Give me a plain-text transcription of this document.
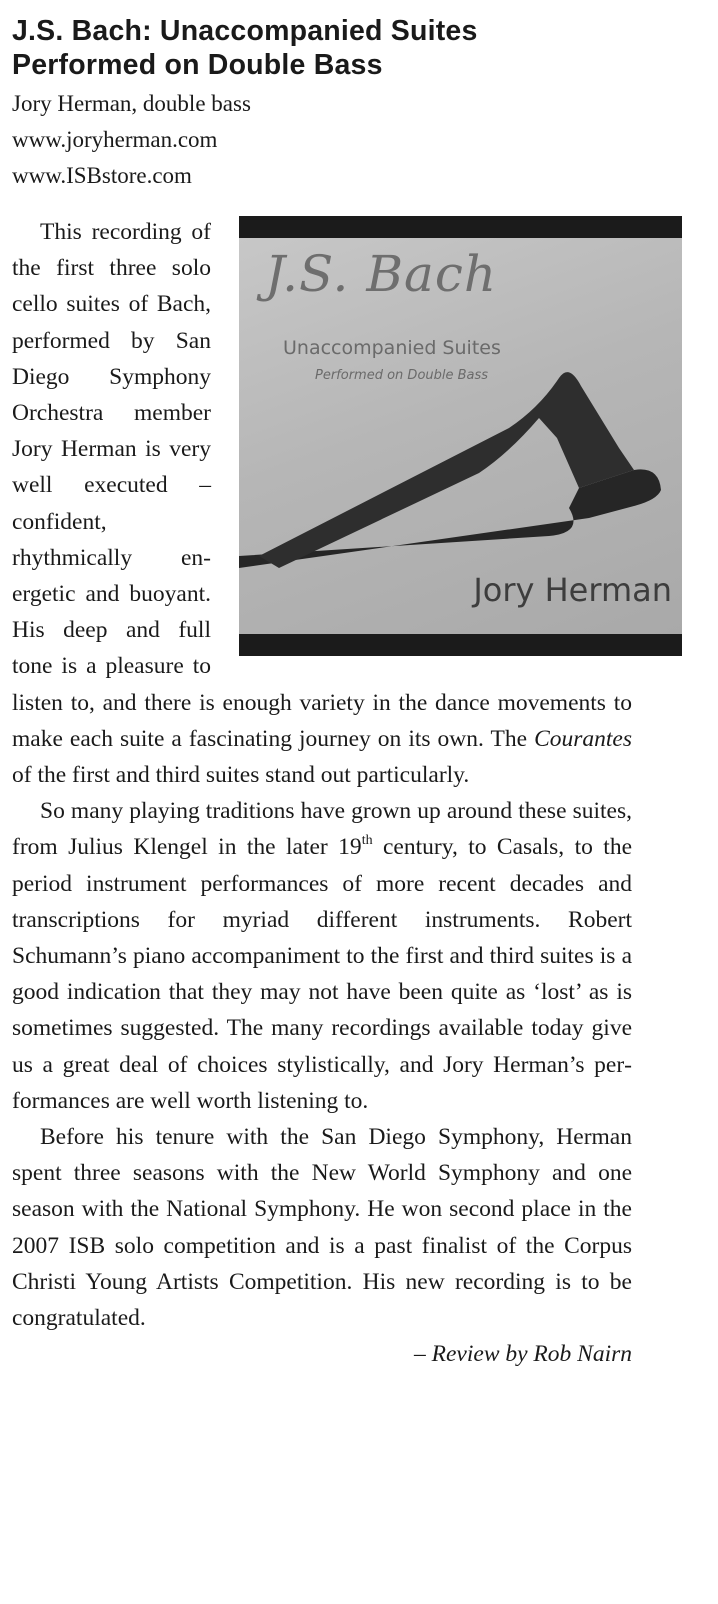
J.S. Bach: Unaccompanied Suites
Performed on Double Bass
Jory Herman, double bass
www.joryherman.com
www.ISBstore.com
J.S. Bach
Unaccompanied Suites
Performed on Double Bass
Jory Herman

This recording of the first three solo cello suites of Bach, performed by San Diego Symphony Orchestra member Jory Herman is very well executed – confident, rhythmically energetic and buoyant. His deep and full tone is a pleasure to listen to, and there is enough variety in the dance movements to make each suite a fascinating journey on its own. The Courantes of the first and third suites stand out particularly.

So many playing traditions have grown up around these suites, from Julius Klengel in the later 19th century, to Casals, to the period instrument performances of more recent decades and transcriptions for myriad different instruments. Robert Schumann’s piano accompaniment to the first and third suites is a good indication that they may not have been quite as ‘lost’ as is sometimes suggested. The many recordings available today give us a great deal of choices stylistically, and Jory Herman’s performances are well worth listening to.

Before his tenure with the San Diego Symphony, Herman spent three seasons with the New World Symphony and one season with the National Symphony. He won second place in the 2007 ISB solo competition and is a past finalist of the Corpus Christi Young Artists Competition. His new recording is to be congratulated.

– Review by Rob Nairn
